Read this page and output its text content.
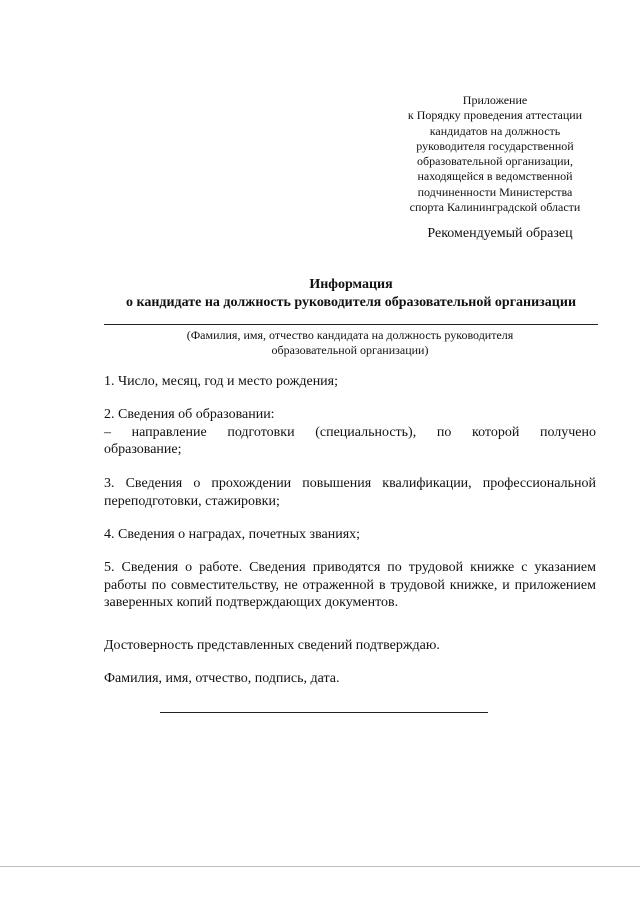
Приложение
к Порядку проведения аттестации
кандидатов на должность
руководителя государственной
образовательной организации,
находящейся в ведомственной
подчиненности Министерства
спорта Калининградской области
Рекомендуемый образец
Информация
о кандидате на должность руководителя образовательной организации
(Фамилия, имя, отчество кандидата на должность руководителя
образовательной организации)
1. Число, месяц, год и место рождения;
2. Сведения об образовании:
– направление подготовки (специальность), по которой получено
образование;
3. Сведения о прохождении повышения квалификации, профессиональной переподготовки, стажировки;
4. Сведения о наградах, почетных званиях;
5. Сведения о работе. Сведения приводятся по трудовой книжке с указанием работы по совместительству, не отраженной в трудовой книжке, и приложением заверенных копий подтверждающих документов.
Достоверность представленных сведений подтверждаю.
Фамилия, имя, отчество, подпись, дата.
